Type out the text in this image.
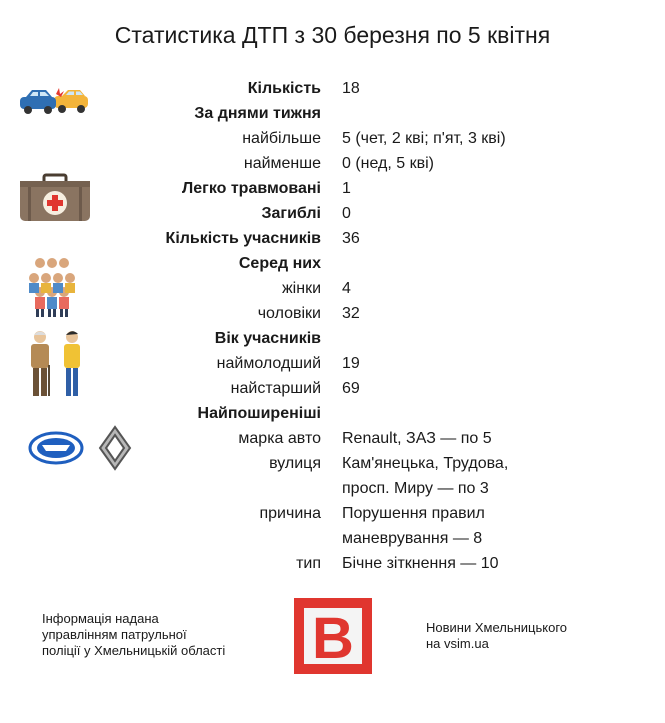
Статистика ДТП з 30 березня по 5 квітня
Кількість 18
За днями тижня
найбільше 5 (чет, 2 кві; п'ят, 3 кві)
найменше 0 (нед, 5 кві)
Легко травмовані 1
Загиблі 0
Кількість учасників 36
Серед них
жінки 4
чоловіки 32
Вік учасників
наймолодший 19
найстарший 69
Найпоширеніші
марка авто Renault, ЗАЗ — по 5
вулиця Кам'янецька, Трудова,
просп. Миру — по 3
причина Порушення правил
маневрування — 8
тип Бічне зіткнення — 10
Інформація надана
управлінням патрульної
поліції у Хмельницькій області	B	Новини Хмельницького
на vsim.ua
